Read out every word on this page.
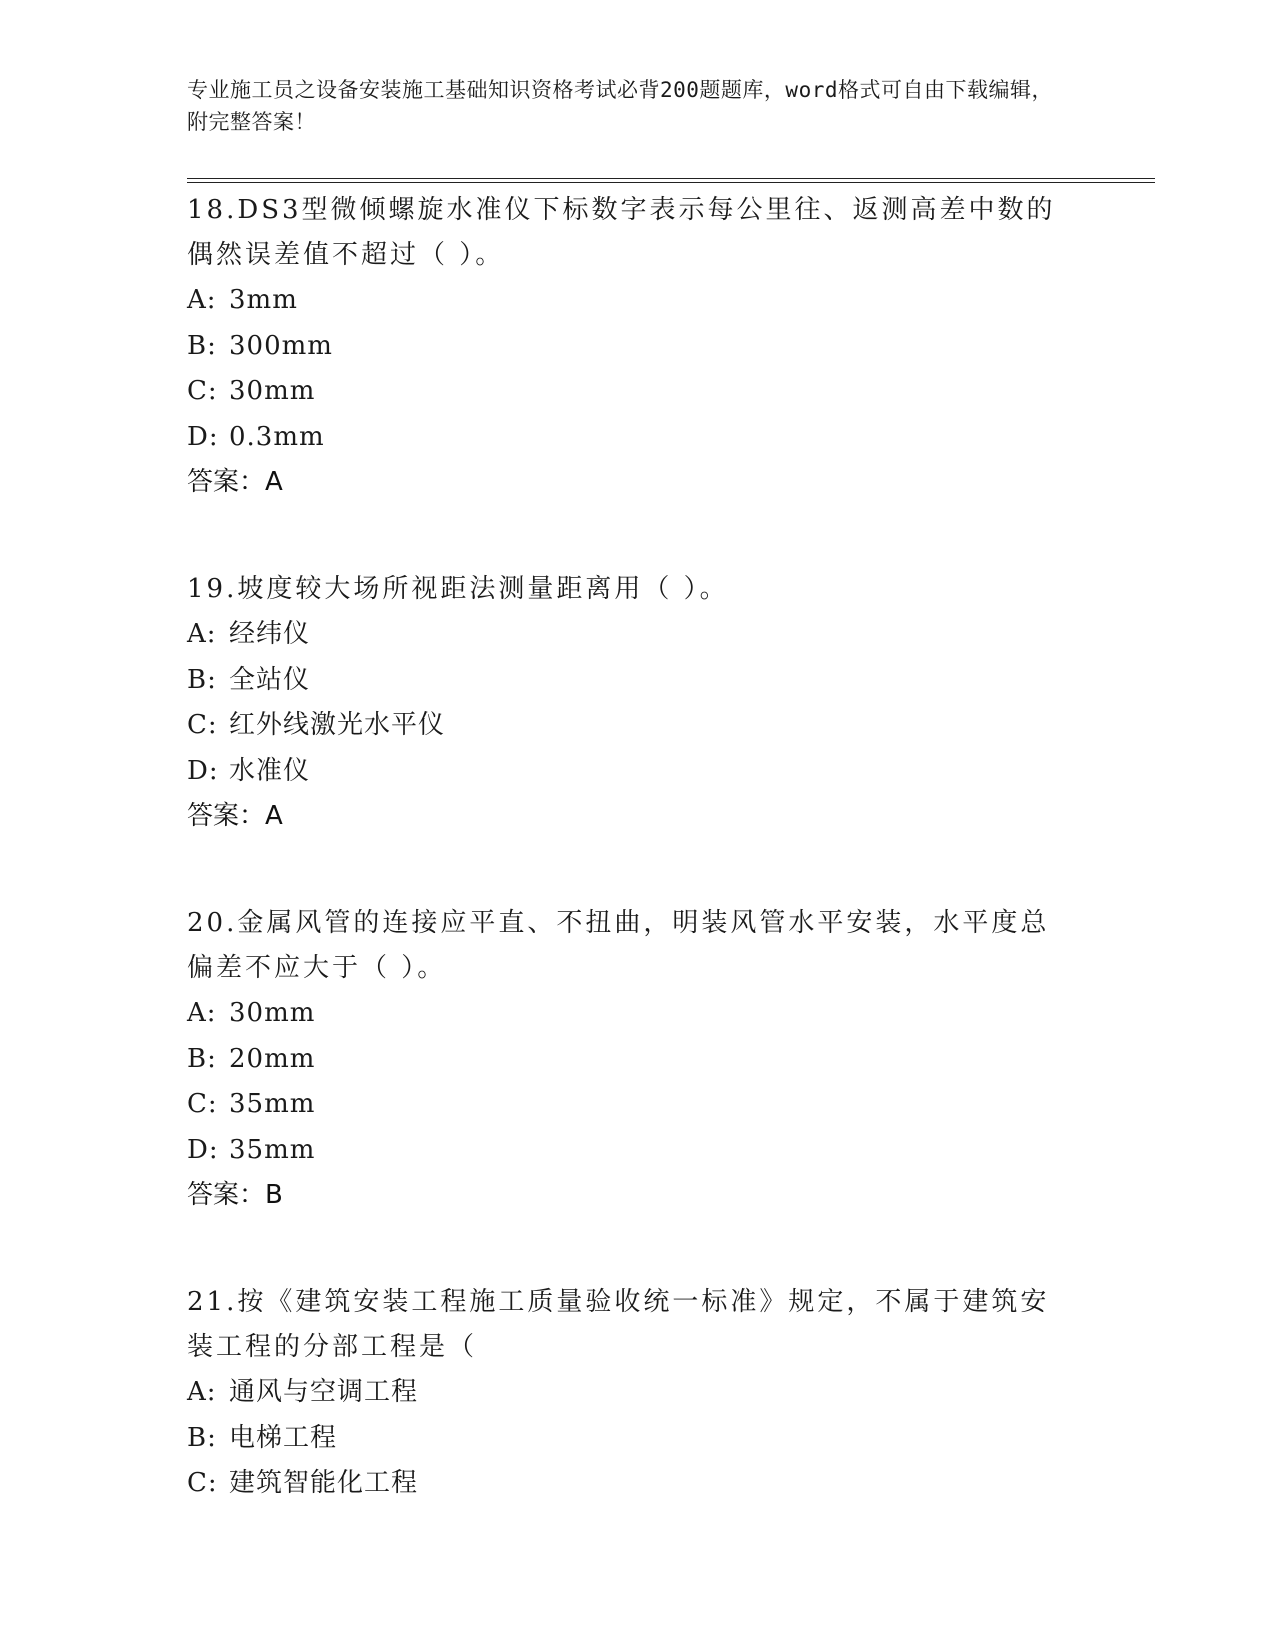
专业施工员之设备安装施工基础知识资格考试必背200题题库，word格式可自由下载编辑，附完整答案！

18.DS3型微倾螺旋水准仪下标数字表示每公里往、返测高差中数的偶然误差值不超过（ ）。

A: 3mm

B: 300mm

C: 30mm

D: 0.3mm

答案：A

19.坡度较大场所视距法测量距离用（ ）。

A: 经纬仪

B: 全站仪

C: 红外线激光水平仪

D: 水准仪

答案：A

20.金属风管的连接应平直、不扭曲，明装风管水平安装，水平度总偏差不应大于（ ）。

A: 30mm

B: 20mm

C: 35mm

D: 35mm

答案：B

21.按《建筑安装工程施工质量验收统一标准》规定，不属于建筑安装工程的分部工程是（

A: 通风与空调工程

B: 电梯工程

C: 建筑智能化工程
